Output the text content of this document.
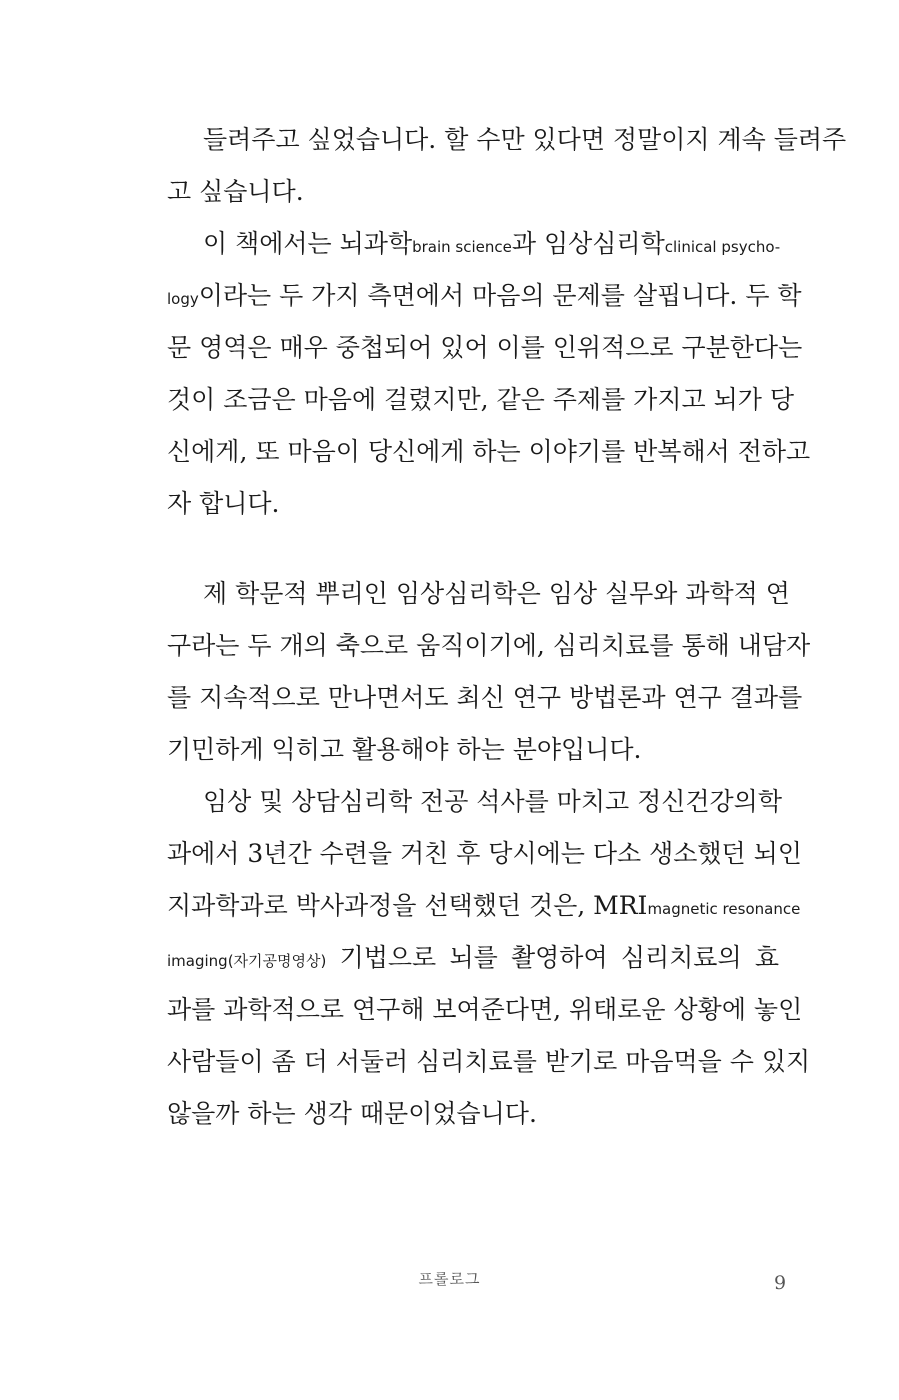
들려주고 싶었습니다. 할 수만 있다면 정말이지 계속 들려주
고 싶습니다.
이 책에서는 뇌과학brain science과 임상심리학clinical psycho-
logy이라는 두 가지 측면에서 마음의 문제를 살핍니다. 두 학
문 영역은 매우 중첩되어 있어 이를 인위적으로 구분한다는
것이 조금은 마음에 걸렸지만, 같은 주제를 가지고 뇌가 당
신에게, 또 마음이 당신에게 하는 이야기를 반복해서 전하고
자 합니다.
제 학문적 뿌리인 임상심리학은 임상 실무와 과학적 연
구라는 두 개의 축으로 움직이기에, 심리치료를 통해 내담자
를 지속적으로 만나면서도 최신 연구 방법론과 연구 결과를
기민하게 익히고 활용해야 하는 분야입니다.
임상 및 상담심리학 전공 석사를 마치고 정신건강의학
과에서 3년간 수련을 거친 후 당시에는 다소 생소했던 뇌인
지과학과로 박사과정을 선택했던 것은, MRImagnetic resonance
imaging(자기공명영상) 기법으로 뇌를 촬영하여 심리치료의 효
과를 과학적으로 연구해 보여준다면, 위태로운 상황에 놓인
사람들이 좀 더 서둘러 심리치료를 받기로 마음먹을 수 있지
않을까 하는 생각 때문이었습니다.
프롤로그	9
